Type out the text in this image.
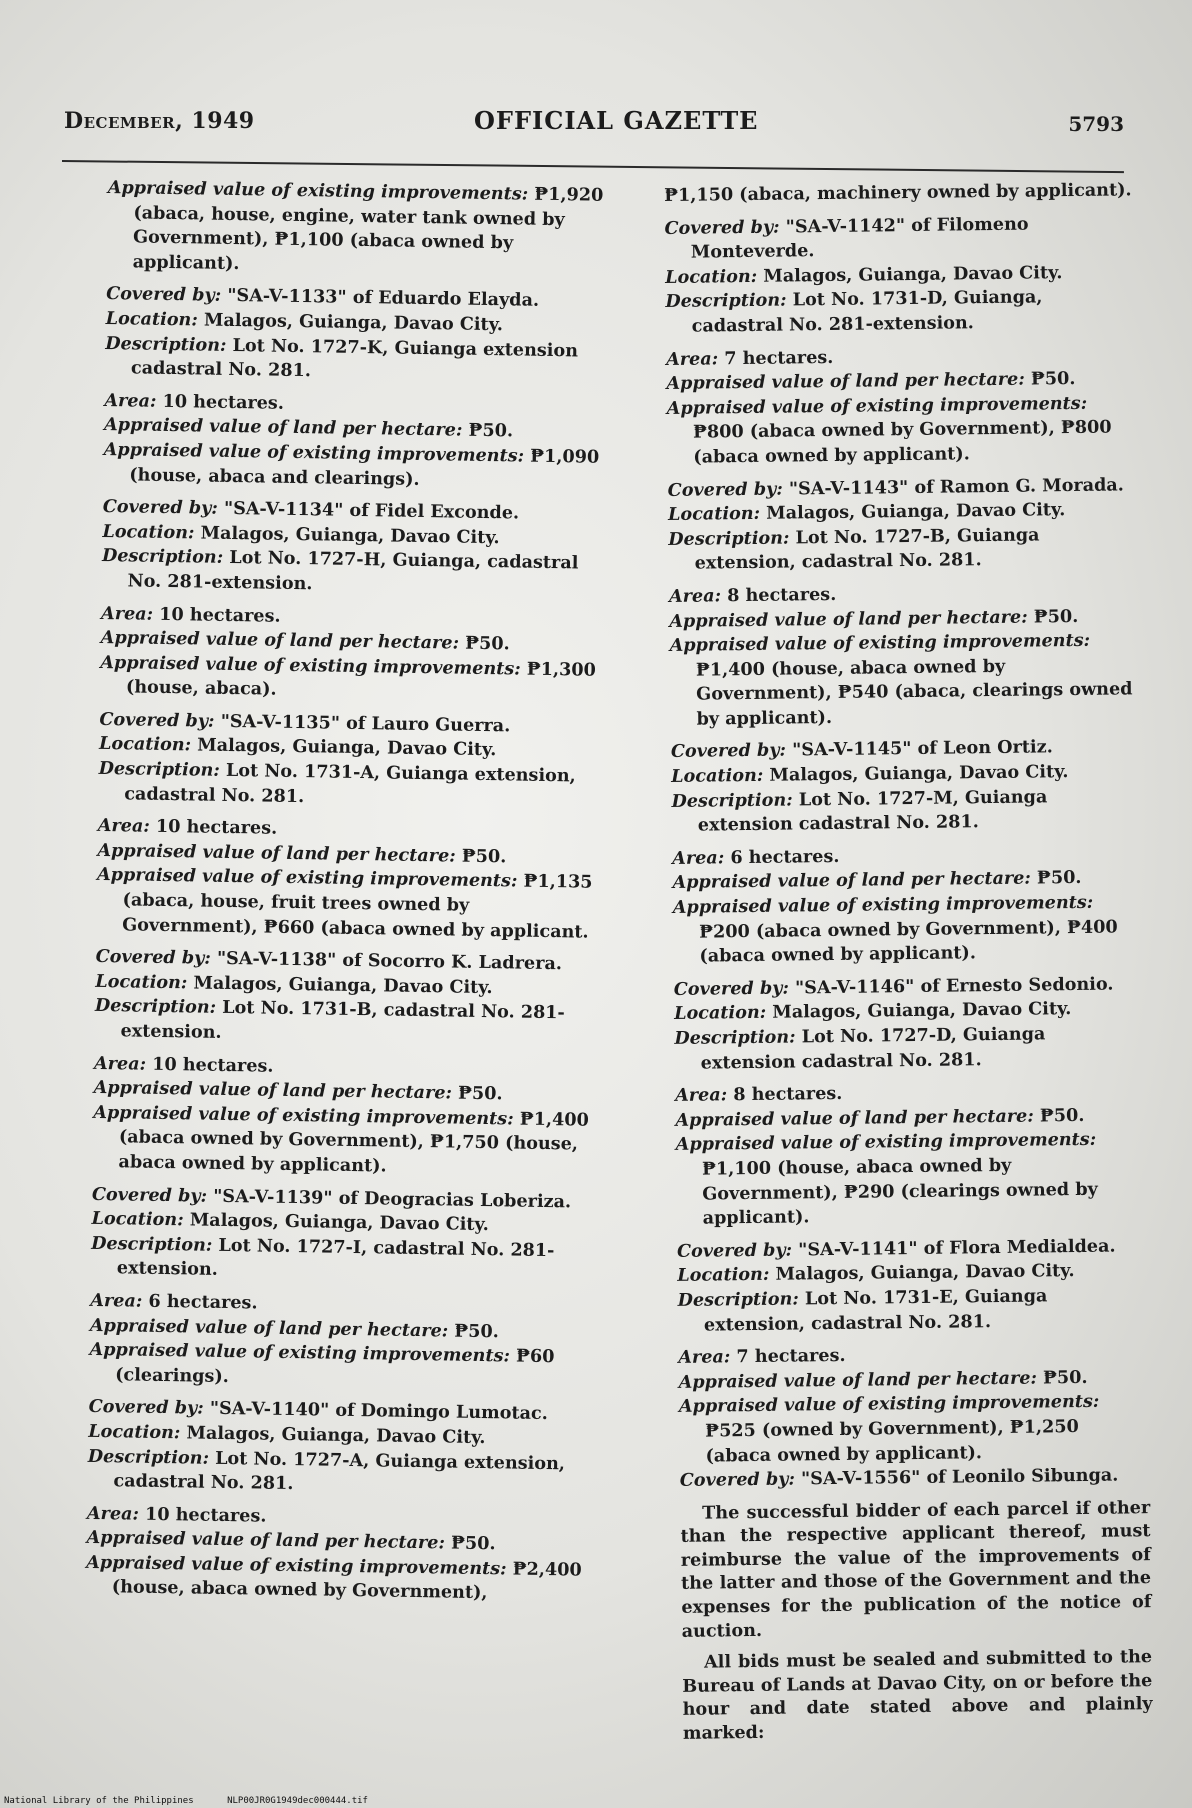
December, 1949	OFFICIAL GAZETTE	5793

Appraised value of existing improvements: ₱1,920 (abaca, house, engine, water tank owned by Government), ₱1,100 (abaca owned by applicant).

Covered by: "SA-V-1133" of Eduardo Elayda.

Location: Malagos, Guianga, Davao City.

Description: Lot No. 1727-K, Guianga extension cadastral No. 281.

Area: 10 hectares.

Appraised value of land per hectare: ₱50.

Appraised value of existing improvements: ₱1,090 (house, abaca and clearings).

Covered by: "SA-V-1134" of Fidel Exconde.

Location: Malagos, Guianga, Davao City.

Description: Lot No. 1727-H, Guianga, cadastral No. 281-extension.

Area: 10 hectares.

Appraised value of land per hectare: ₱50.

Appraised value of existing improvements: ₱1,300 (house, abaca).

Covered by: "SA-V-1135" of Lauro Guerra.

Location: Malagos, Guianga, Davao City.

Description: Lot No. 1731-A, Guianga extension, cadastral No. 281.

Area: 10 hectares.

Appraised value of land per hectare: ₱50.

Appraised value of existing improvements: ₱1,135 (abaca, house, fruit trees owned by Government), ₱660 (abaca owned by applicant.

Covered by: "SA-V-1138" of Socorro K. Ladrera.

Location: Malagos, Guianga, Davao City.

Description: Lot No. 1731-B, cadastral No. 281-extension.

Area: 10 hectares.

Appraised value of land per hectare: ₱50.

Appraised value of existing improvements: ₱1,400 (abaca owned by Government), ₱1,750 (house, abaca owned by applicant).

Covered by: "SA-V-1139" of Deogracias Loberiza.

Location: Malagos, Guianga, Davao City.

Description: Lot No. 1727-I, cadastral No. 281-extension.

Area: 6 hectares.

Appraised value of land per hectare: ₱50.

Appraised value of existing improvements: ₱60 (clearings).

Covered by: "SA-V-1140" of Domingo Lumotac.

Location: Malagos, Guianga, Davao City.

Description: Lot No. 1727-A, Guianga extension, cadastral No. 281.

Area: 10 hectares.

Appraised value of land per hectare: ₱50.

Appraised value of existing improvements: ₱2,400 (house, abaca owned by Government),

₱1,150 (abaca, machinery owned by applicant).

Covered by: "SA-V-1142" of Filomeno Monteverde.

Location: Malagos, Guianga, Davao City.

Description: Lot No. 1731-D, Guianga, cadastral No. 281-extension.

Area: 7 hectares.

Appraised value of land per hectare: ₱50.

Appraised value of existing improvements: ₱800 (abaca owned by Government), ₱800 (abaca owned by applicant).

Covered by: "SA-V-1143" of Ramon G. Morada.

Location: Malagos, Guianga, Davao City.

Description: Lot No. 1727-B, Guianga extension, cadastral No. 281.

Area: 8 hectares.

Appraised value of land per hectare: ₱50.

Appraised value of existing improvements: ₱1,400 (house, abaca owned by Government), ₱540 (abaca, clearings owned by applicant).

Covered by: "SA-V-1145" of Leon Ortiz.

Location: Malagos, Guianga, Davao City.

Description: Lot No. 1727-M, Guianga extension cadastral No. 281.

Area: 6 hectares.

Appraised value of land per hectare: ₱50.

Appraised value of existing improvements: ₱200 (abaca owned by Government), ₱400 (abaca owned by applicant).

Covered by: "SA-V-1146" of Ernesto Sedonio.

Location: Malagos, Guianga, Davao City.

Description: Lot No. 1727-D, Guianga extension cadastral No. 281.

Area: 8 hectares.

Appraised value of land per hectare: ₱50.

Appraised value of existing improvements: ₱1,100 (house, abaca owned by Government), ₱290 (clearings owned by applicant).

Covered by: "SA-V-1141" of Flora Medialdea.

Location: Malagos, Guianga, Davao City.

Description: Lot No. 1731-E, Guianga extension, cadastral No. 281.

Area: 7 hectares.

Appraised value of land per hectare: ₱50.

Appraised value of existing improvements: ₱525 (owned by Government), ₱1,250 (abaca owned by applicant).

Covered by: "SA-V-1556" of Leonilo Sibunga.

The successful bidder of each parcel if other than the respective applicant thereof, must reimburse the value of the improvements of the latter and those of the Government and the expenses for the publication of the notice of auction.

All bids must be sealed and submitted to the Bureau of Lands at Davao City, on or before the hour and date stated above and plainly marked:

National Library of the Philippines	NLP00JR0G1949dec000444.tif
